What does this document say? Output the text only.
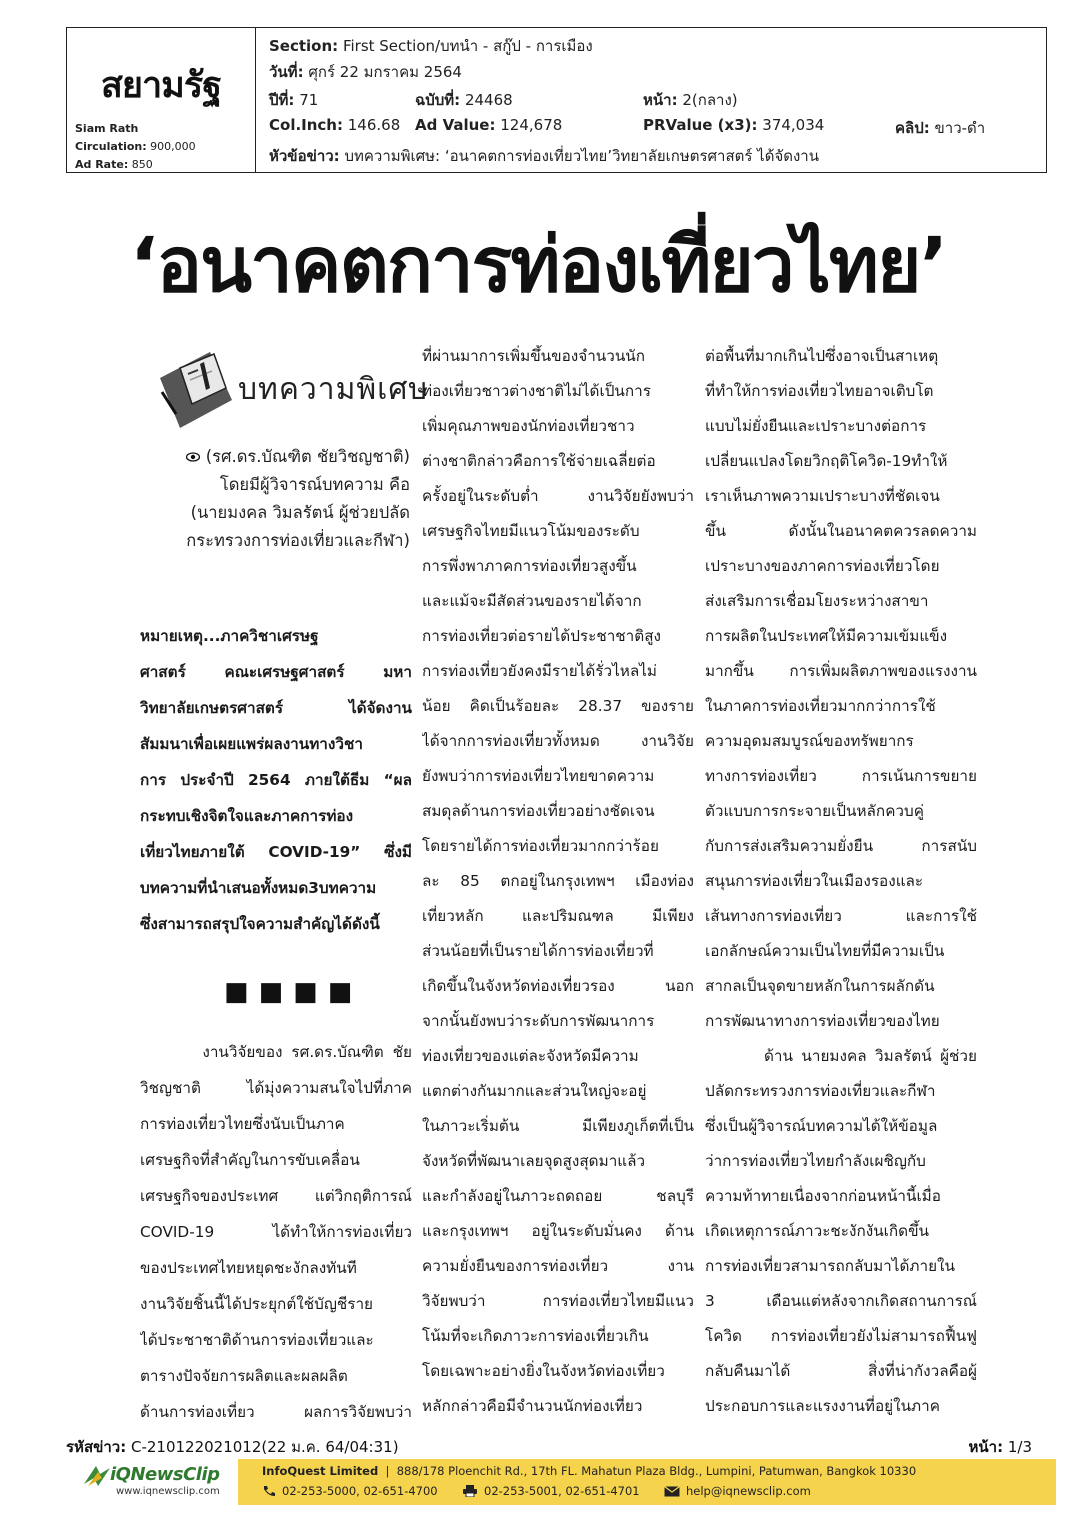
สยามรัฐ
Siam Rath
Circulation: 900,000
Ad Rate: 850
Section: First Section/บทนำ - สกู๊ป - การเมือง
วันที่: ศุกร์ 22 มกราคม 2564
ปีที่: 71	ฉบับที่: 24468	หน้า: 2(กลาง)
Col.Inch: 146.68 Ad Value: 124,678	PRValue (x3): 374,034	คลิป: ขาว-ดำ
หัวข้อข่าว: บทความพิเศษ: ‘อนาคตการท่องเที่ยวไทย’วิทยาลัยเกษตรศาสตร์ ได้จัดงาน
‘อนาคตการท่องเที่ยวไทย’
บทความพิเศษ
(รศ.ดร.บัณฑิต ชัยวิชญชาติ)
โดยมีผู้วิจารณ์บทความ คือ
(นายมงคล วิมลรัตน์ ผู้ช่วยปลัด
กระทรวงการท่องเที่ยวและกีฬา)
หมายเหตุ...ภาควิชาเศรษฐ
ศาสตร์ คณะเศรษฐศาสตร์ มหา
วิทยาลัยเกษตรศาสตร์ ได้จัดงาน
สัมมนาเพื่อเผยแพร่ผลงานทางวิชา
การ ประจำปี 2564 ภายใต้ธีม “ผล
กระทบเชิงจิตใจและภาคการท่อง
เที่ยวไทยภายใต้ COVID-19” ซึ่งมี
บทความที่นำเสนอทั้งหมด3บทความ
ซึ่งสามารถสรุปใจความสำคัญได้ดังนี้
งานวิจัยของ รศ.ดร.บัณฑิต ชัย
วิชญชาติ ได้มุ่งความสนใจไปที่ภาค
การท่องเที่ยวไทยซึ่งนับเป็นภาค
เศรษฐกิจที่สำคัญในการขับเคลื่อน
เศรษฐกิจของประเทศ แต่วิกฤติการณ์
COVID-19 ได้ทำให้การท่องเที่ยว
ของประเทศไทยหยุดชะงักลงทันที
งานวิจัยชิ้นนี้ได้ประยุกต์ใช้บัญชีราย
ได้ประชาชาติด้านการท่องเที่ยวและ
ตารางปัจจัยการผลิตและผลผลิต
ด้านการท่องเที่ยว ผลการวิจัยพบว่า
■■■■
ที่ผ่านมาการเพิ่มขึ้นของจำนวนนัก
ท่องเที่ยวชาวต่างชาติไม่ได้เป็นการ
เพิ่มคุณภาพของนักท่องเที่ยวชาว
ต่างชาติกล่าวคือการใช้จ่ายเฉลี่ยต่อ
ครั้งอยู่ในระดับต่ำ งานวิจัยยังพบว่า
เศรษฐกิจไทยมีแนวโน้มของระดับ
การพึ่งพาภาคการท่องเที่ยวสูงขึ้น
และแม้จะมีสัดส่วนของรายได้จาก
การท่องเที่ยวต่อรายได้ประชาชาติสูง
การท่องเที่ยวยังคงมีรายได้รั่วไหลไม่
น้อย คิดเป็นร้อยละ 28.37 ของราย
ได้จากการท่องเที่ยวทั้งหมด งานวิจัย
ยังพบว่าการท่องเที่ยวไทยขาดความ
สมดุลด้านการท่องเที่ยวอย่างชัดเจน
โดยรายได้การท่องเที่ยวมากกว่าร้อย
ละ 85 ตกอยู่ในกรุงเทพฯ เมืองท่อง
เที่ยวหลัก และปริมณฑล มีเพียง
ส่วนน้อยที่เป็นรายได้การท่องเที่ยวที่
เกิดขึ้นในจังหวัดท่องเที่ยวรอง นอก
จากนั้นยังพบว่าระดับการพัฒนาการ
ท่องเที่ยวของแต่ละจังหวัดมีความ
แตกต่างกันมากและส่วนใหญ่จะอยู่
ในภาวะเริ่มต้น มีเพียงภูเก็ตที่เป็น
จังหวัดที่พัฒนาเลยจุดสูงสุดมาแล้ว
และกำลังอยู่ในภาวะถดถอย ชลบุรี
และกรุงเทพฯ อยู่ในระดับมั่นคง ด้าน
ความยั่งยืนของการท่องเที่ยว งาน
วิจัยพบว่า การท่องเที่ยวไทยมีแนว
โน้มที่จะเกิดภาวะการท่องเที่ยวเกิน
โดยเฉพาะอย่างยิ่งในจังหวัดท่องเที่ยว
หลักกล่าวคือมีจำนวนนักท่องเที่ยว
ต่อพื้นที่มากเกินไปซึ่งอาจเป็นสาเหตุ
ที่ทำให้การท่องเที่ยวไทยอาจเติบโต
แบบไม่ยั่งยืนและเปราะบางต่อการ
เปลี่ยนแปลงโดยวิกฤติโควิด-19ทำให้
เราเห็นภาพความเปราะบางที่ชัดเจน
ขึ้น ดังนั้นในอนาคตควรลดความ
เปราะบางของภาคการท่องเที่ยวโดย
ส่งเสริมการเชื่อมโยงระหว่างสาขา
การผลิตในประเทศให้มีความเข้มแข็ง
มากขึ้น การเพิ่มผลิตภาพของแรงงาน
ในภาคการท่องเที่ยวมากกว่าการใช้
ความอุดมสมบูรณ์ของทรัพยากร
ทางการท่องเที่ยว การเน้นการขยาย
ตัวแบบการกระจายเป็นหลักควบคู่
กับการส่งเสริมความยั่งยืน การสนับ
สนุนการท่องเที่ยวในเมืองรองและ
เส้นทางการท่องเที่ยว และการใช้
เอกลักษณ์ความเป็นไทยที่มีความเป็น
สากลเป็นจุดขายหลักในการผลักดัน
การพัฒนาทางการท่องเที่ยวของไทย
ด้าน นายมงคล วิมลรัตน์ ผู้ช่วย
ปลัดกระทรวงการท่องเที่ยวและกีฬา
ซึ่งเป็นผู้วิจารณ์บทความได้ให้ข้อมูล
ว่าการท่องเที่ยวไทยกำลังเผชิญกับ
ความท้าทายเนื่องจากก่อนหน้านี้เมื่อ
เกิดเหตุการณ์ภาวะชะงักงันเกิดขึ้น
การท่องเที่ยวสามารถกลับมาได้ภายใน
3 เดือนแต่หลังจากเกิดสถานการณ์
โควิด การท่องเที่ยวยังไม่สามารถฟื้นฟู
กลับคืนมาได้ สิ่งที่น่ากังวลคือผู้
ประกอบการและแรงงานที่อยู่ในภาค
รหัสข่าว: C-210122021012(22 ม.ค. 64/04:31)	หน้า: 1/3
iQNewsClip
www.iqnewsclip.com
InfoQuest Limited  |  888/178 Ploenchit Rd., 17th FL. Mahatun Plaza Bldg., Lumpini, Patumwan, Bangkok 10330
02-253-5000, 02-651-4700	02-253-5001, 02-651-4701	help@iqnewsclip.com
